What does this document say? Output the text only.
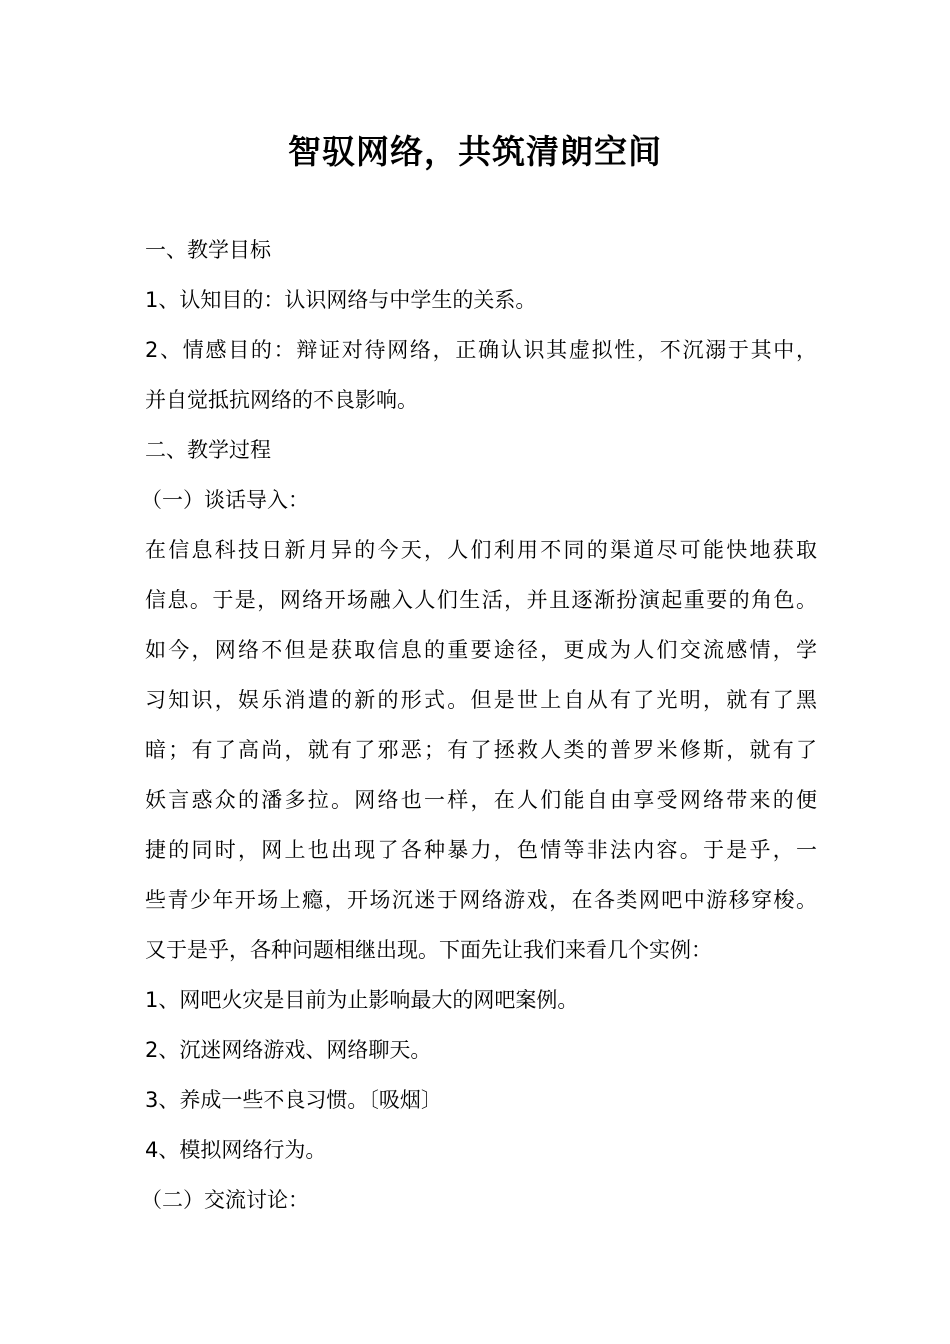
智驭网络，共筑清朗空间
一、教学目标
1、认知目的：认识网络与中学生的关系。
2、情感目的：辩证对待网络，正确认识其虚拟性，不沉溺于其中，
并自觉抵抗网络的不良影响。
二、教学过程
（一）谈话导入：
在信息科技日新月异的今天，人们利用不同的渠道尽可能快地获取
信息。于是，网络开场融入人们生活，并且逐渐扮演起重要的角色。
如今，网络不但是获取信息的重要途径，更成为人们交流感情，学
习知识，娱乐消遣的新的形式。但是世上自从有了光明，就有了黑
暗；有了高尚，就有了邪恶；有了拯救人类的普罗米修斯，就有了
妖言惑众的潘多拉。网络也一样，在人们能自由享受网络带来的便
捷的同时，网上也出现了各种暴力，色情等非法内容。于是乎，一
些青少年开场上瘾，开场沉迷于网络游戏，在各类网吧中游移穿梭。
又于是乎，各种问题相继出现。下面先让我们来看几个实例：
1、网吧火灾是目前为止影响最大的网吧案例。
2、沉迷网络游戏、网络聊天。
3、养成一些不良习惯。〔吸烟〕
4、模拟网络行为。
（二）交流讨论：
